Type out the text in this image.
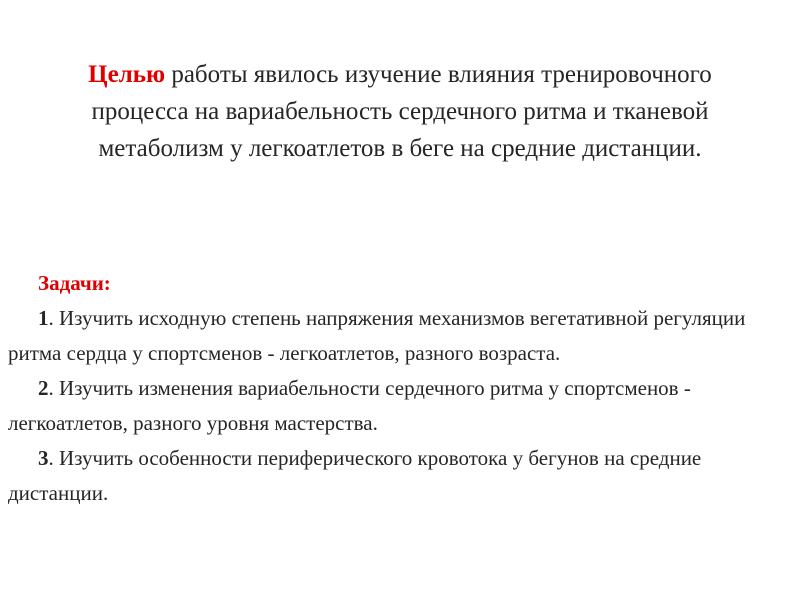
Целью работы явилось изучение влияния тренировочного процесса на вариабельность сердечного ритма и тканевой метаболизм у легкоатлетов в беге на средние дистанции.

Задачи:
1. Изучить исходную степень напряжения механизмов вегетативной регуляции ритма сердца у спортсменов - легкоатлетов, разного возраста.
2. Изучить изменения вариабельности сердечного ритма у спортсменов - легкоатлетов, разного уровня мастерства.
3. Изучить особенности периферического кровотока у бегунов на средние дистанции.
